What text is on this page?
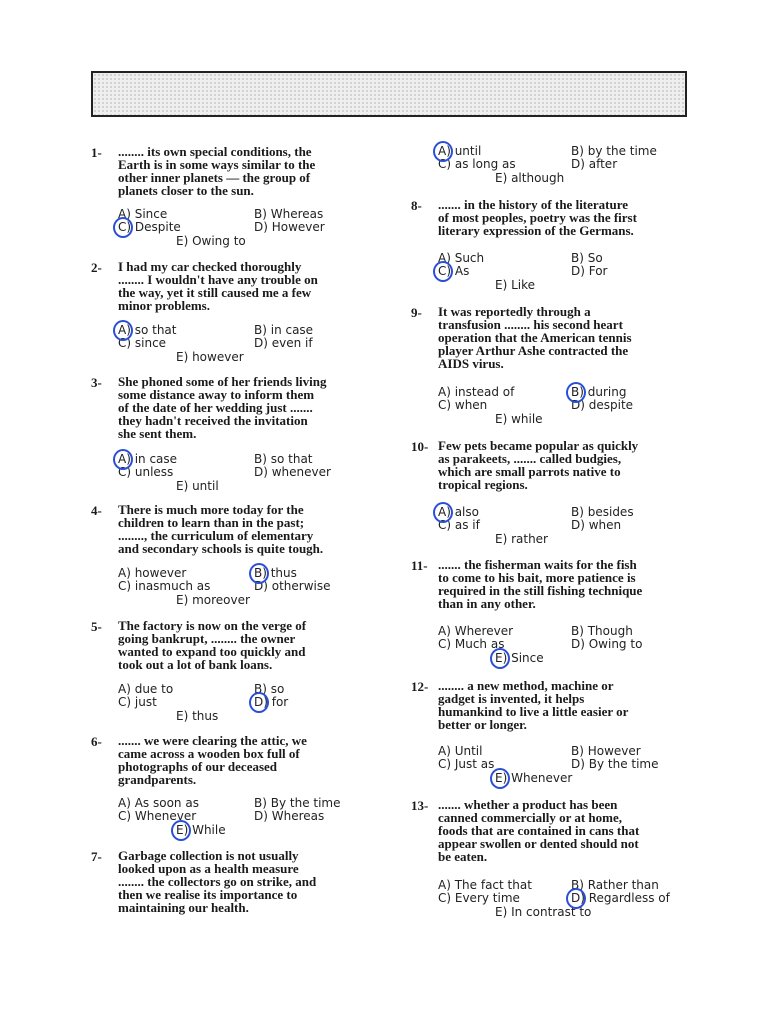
1- ........ its own special conditions, the
Earth is in some ways similar to the
other inner planets — the group of
planets closer to the sun.
A) Since	B) Whereas
C) Despite	D) However
E) Owing to
2- I had my car checked thoroughly
........ I wouldn't have any trouble on
the way, yet it still caused me a few
minor problems.
A) so that	B) in case
C) since	D) even if
E) however
3- She phoned some of her friends living
some distance away to inform them
of the date of her wedding just .......
they hadn't received the invitation
she sent them.
A) in case	B) so that
C) unless	D) whenever
E) until
4- There is much more today for the
children to learn than in the past;
........, the curriculum of elementary
and secondary schools is quite tough.
A) however	B) thus
C) inasmuch as	D) otherwise
E) moreover
5- The factory is now on the verge of
going bankrupt, ........ the owner
wanted to expand too quickly and
took out a lot of bank loans.
A) due to	B) so
C) just	D) for
E) thus
6- ....... we were clearing the attic, we
came across a wooden box full of
photographs of our deceased
grandparents.
A) As soon as	B) By the time
C) Whenever	D) Whereas
E) While
7- Garbage collection is not usually
looked upon as a health measure
........ the collectors go on strike, and
then we realise its importance to
maintaining our health.
A) until	B) by the time
C) as long as	D) after
E) although
8- ....... in the history of the literature
of most peoples, poetry was the first
literary expression of the Germans.
A) Such	B) So
C) As	D) For
E) Like
9- It was reportedly through a
transfusion ........ his second heart
operation that the American tennis
player Arthur Ashe contracted the
AIDS virus.
A) instead of	B) during
C) when	D) despite
E) while
10- Few pets became popular as quickly
as parakeets, ....... called budgies,
which are small parrots native to
tropical regions.
A) also	B) besides
C) as if	D) when
E) rather
11- ....... the fisherman waits for the fish
to come to his bait, more patience is
required in the still fishing technique
than in any other.
A) Wherever	B) Though
C) Much as	D) Owing to
E) Since
12- ........ a new method, machine or
gadget is invented, it helps
humankind to live a little easier or
better or longer.
A) Until	B) However
C) Just as	D) By the time
E) Whenever
13- ....... whether a product has been
canned commercially or at home,
foods that are contained in cans that
appear swollen or dented should not
be eaten.
A) The fact that	B) Rather than
C) Every time	D) Regardless of
E) In contrast to
